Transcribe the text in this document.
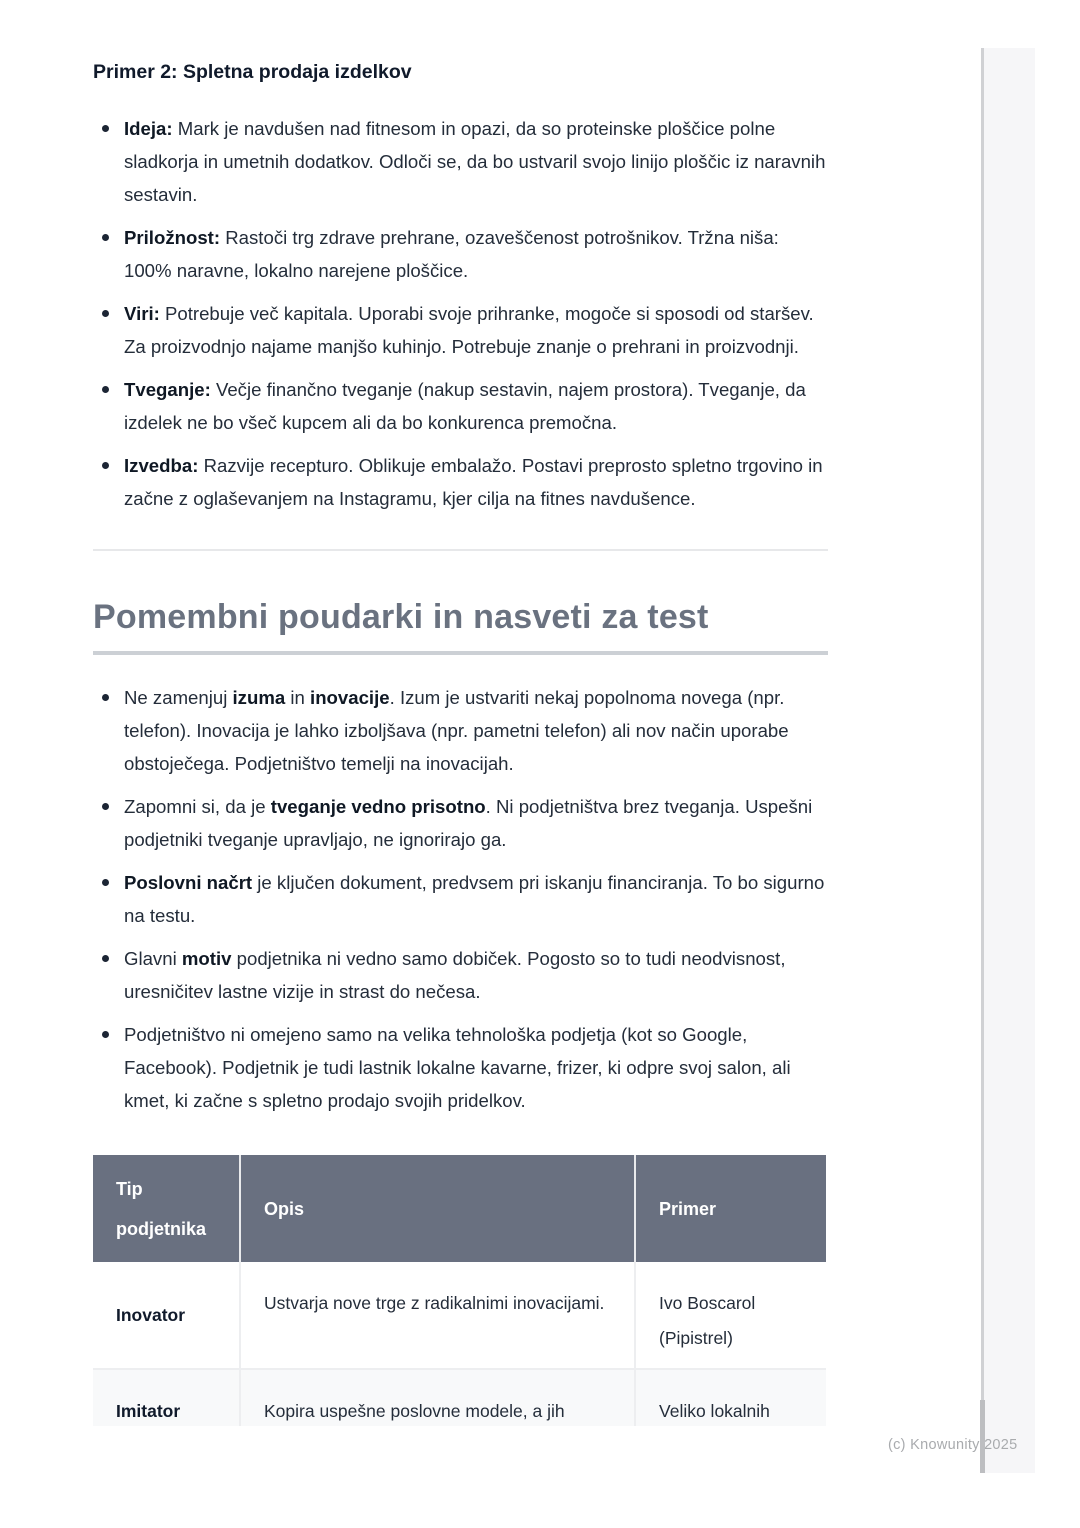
Primer 2: Spletna prodaja izdelkov
Ideja: Mark je navdušen nad fitnesom in opazi, da so proteinske ploščice polne sladkorja in umetnih dodatkov. Odloči se, da bo ustvaril svojo linijo ploščic iz naravnih sestavin.
Priložnost: Rastoči trg zdrave prehrane, ozaveščenost potrošnikov. Tržna niša: 100% naravne, lokalno narejene ploščice.
Viri: Potrebuje več kapitala. Uporabi svoje prihranke, mogoče si sposodi od staršev. Za proizvodnjo najame manjšo kuhinjo. Potrebuje znanje o prehrani in proizvodnji.
Tveganje: Večje finančno tveganje (nakup sestavin, najem prostora). Tveganje, da izdelek ne bo všeč kupcem ali da bo konkurenca premočna.
Izvedba: Razvije recepturo. Oblikuje embalažo. Postavi preprosto spletno trgovino in začne z oglaševanjem na Instagramu, kjer cilja na fitnes navdušence.
Pomembni poudarki in nasveti za test
Ne zamenjuj izuma in inovacije. Izum je ustvariti nekaj popolnoma novega (npr. telefon). Inovacija je lahko izboljšava (npr. pametni telefon) ali nov način uporabe obstoječega. Podjetništvo temelji na inovacijah.
Zapomni si, da je tveganje vedno prisotno. Ni podjetništva brez tveganja. Uspešni podjetniki tveganje upravljajo, ne ignorirajo ga.
Poslovni načrt je ključen dokument, predvsem pri iskanju financiranja. To bo sigurno na testu.
Glavni motiv podjetnika ni vedno samo dobiček. Pogosto so to tudi neodvisnost, uresničitev lastne vizije in strast do nečesa.
Podjetništvo ni omejeno samo na velika tehnološka podjetja (kot so Google, Facebook). Podjetnik je tudi lastnik lokalne kavarne, frizer, ki odpre svoj salon, ali kmet, ki začne s spletno prodajo svojih pridelkov.
Tip podjetnika	Opis	Primer
Inovator	Ustvarja nove trge z radikalnimi inovacijami.	Ivo Boscarol (Pipistrel)
Imitator	Kopira uspešne poslovne modele, a jih	Veliko lokalnih
(c) Knowunity 2025
